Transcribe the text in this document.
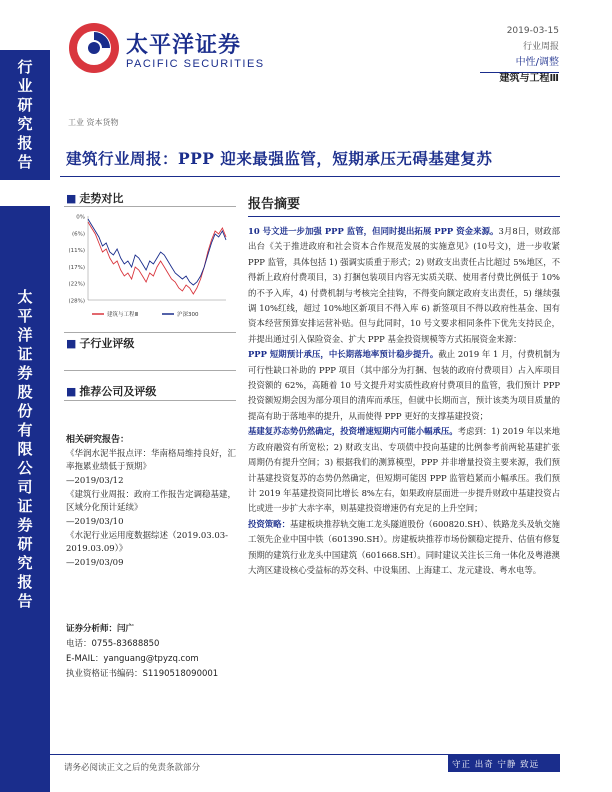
太平洋证券
PACIFIC SECURITIES
2019-03-15
行业周报
中性/调整
建筑与工程Ⅲ
行业研究报告
太平洋证券股份有限公司证券研究报告
工业 资本货物
建筑行业周报：PPP 迎来最强监管，短期承压无碍基建复苏
■ 走势对比
0%
(6%)
(11%)
(17%)
(22%)
(28%)
建筑与工程Ⅲ	沪深300
■ 子行业评级
■ 推荐公司及评级
相关研究报告：
《华润水泥半报点评：华南格局维持良好，汇率拖累业绩低于预期》
—2019/03/12
《建筑行业周报：政府工作报告定调稳基建，区域分化预计延续》
—2019/03/10
《水泥行业运用度数据综述（2019.03.03-2019.03.09）》
—2019/03/09
证券分析师：闫广
电话：0755-83688850
E-MAIL：yanguang@tpyzq.com
执业资格证书编码：S1190518090001
报告摘要

10 号文进一步加强 PPP 监管，但同时提出拓展 PPP 资金来源。3月8日，财政部出台《关于推进政府和社会资本合作规范发展的实施意见》(10号文)，进一步收紧 PPP 监管，具体包括 1) 强调实质重于形式；2) 财政支出责任占比超过 5%地区，不得新上政府付费项目，3) 打捆包装项目内容无实质关联、使用者付费比例低于 10%的不予入库，4) 付费机制与考核完全挂钩，不得变向额定政府支出责任，5) 继续强调 10%红线，超过 10%地区新项目不得入库 6) 新签项目不得以政府性基金、国有资本经营预算安排运营补贴。但与此同时，10 号文要求相同条件下优先支持民企，并提出通过引入保险资金、扩大 PPP 基金投资规模等方式拓展资金来源：

PPP 短期预计承压，中长期落地率预计稳步提升。截止 2019 年 1 月，付费机制为可行性缺口补助的 PPP 项目（其中部分为打捆、包装的政府付费项目）占入库项目投资额的 62%，高随着 10 号文提升对实质性政府付费项目的监管，我们预计 PPP 投资额短期会因为部分项目的清库而承压，但就中长期而言，预计该类为项目质量的提高有助于落地率的提升，从而使得 PPP 更好的支撑基建投资；

基建复苏态势仍然确定，投资增速短期内可能小幅承压。考虑到：1) 2019 年以来地方政府融资有所宽松；2) 财政支出、专项债中投向基建的比例参考前两轮基建扩张周期仍有提升空间；3) 根据我们的测算模型，PPP 并非增量投资主要来源，我们预计基建投资复苏的态势仍然确定，但短期可能因 PPP 监管趋紧而小幅承压。我们预计 2019 年基建投资同比增长 8%左右，如果政府层面进一步提升财政中基建投资占比或进一步扩大赤字率，则基建投资增速仍有充足的上升空间；

投资策略：基建板块推荐轨交施工龙头隧道股份（600820.SH）、铁路龙头及轨交施工领先企业中国中铁（601390.SH）。房建板块推荐市场份额稳定提升、估值有修复预期的建筑行业龙头中国建筑（601668.SH）。同时建议关注长三角一体化及粤港澳大湾区建设核心受益标的苏交科、中设集团、上海建工、龙元建设、粤水电等。

请务必阅读正文之后的免责条款部分	守正 出奇 宁静 致远
